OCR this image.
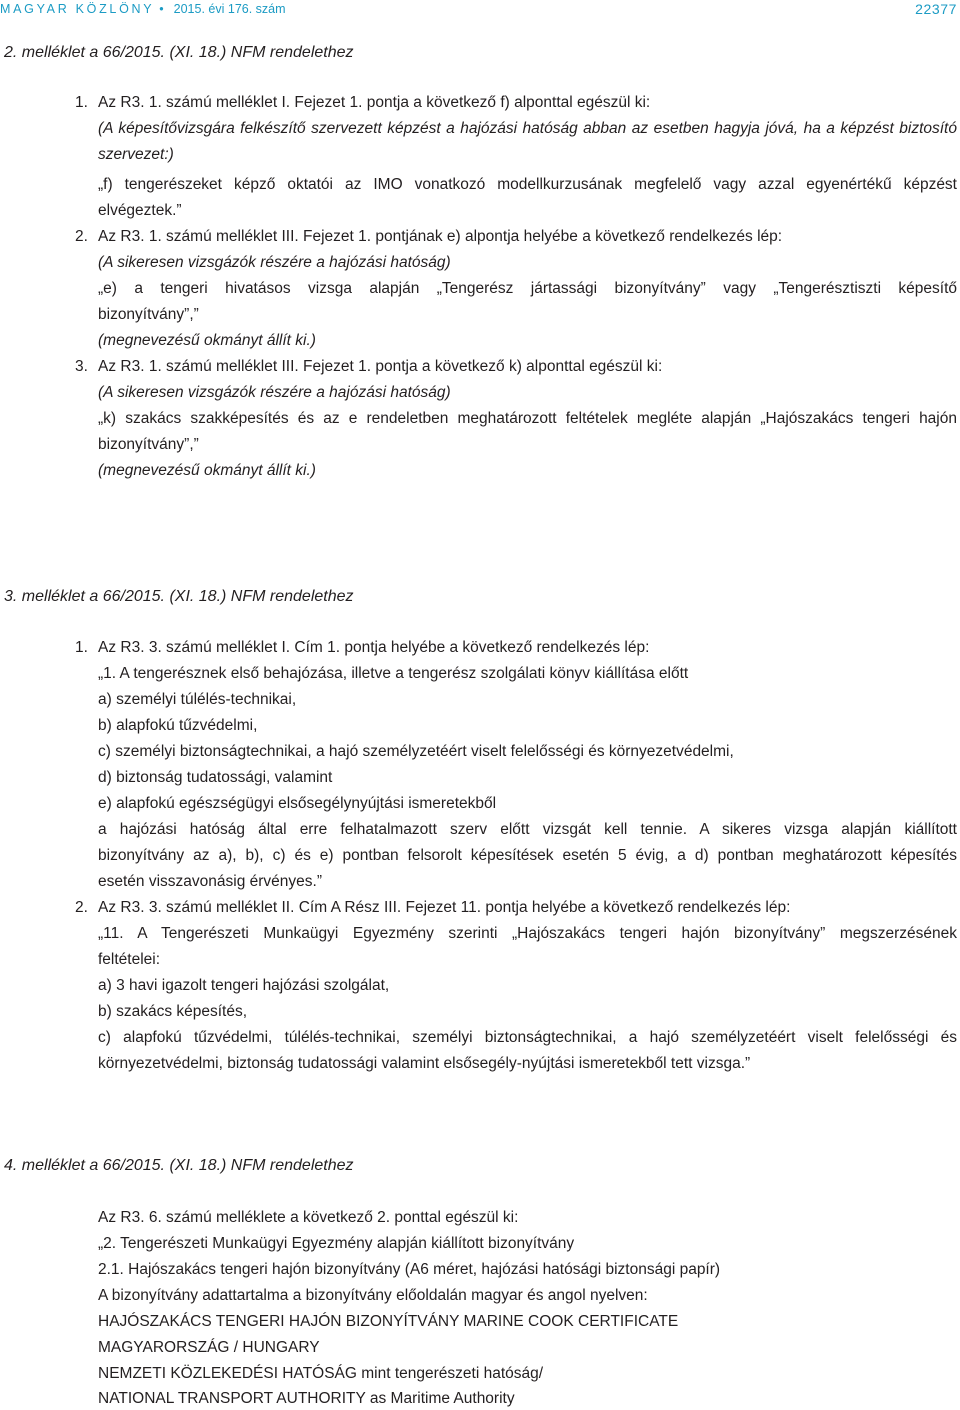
MAGYAR KÖZLÖNY • 2015. évi 176. szám	22377
2. melléklet a 66/2015. (XI. 18.) NFM rendelethez
1. Az R3. 1. számú melléklet I. Fejezet 1. pontja a következő f) alponttal egészül ki:
(A képesítővizsgára felkészítő szervezett képzést a hajózási hatóság abban az esetben hagyja jóvá, ha a képzést biztosító
szervezet:)
„f) tengerészeket képző oktatói az IMO vonatkozó modellkurzusának megfelelő vagy azzal egyenértékű képzést
elvégeztek.”
2. Az R3. 1. számú melléklet III. Fejezet 1. pontjának e) alpontja helyébe a következő rendelkezés lép:
(A sikeresen vizsgázók részére a hajózási hatóság)
„e) a tengeri hivatásos vizsga alapján „Tengerész jártassági bizonyítvány” vagy „Tengerésztiszti képesítő
bizonyítvány”,”
(megnevezésű okmányt állít ki.)
3. Az R3. 1. számú melléklet III. Fejezet 1. pontja a következő k) alponttal egészül ki:
(A sikeresen vizsgázók részére a hajózási hatóság)
„k) szakács szakképesítés és az e rendeletben meghatározott feltételek megléte alapján „Hajószakács tengeri hajón
bizonyítvány”,”
(megnevezésű okmányt állít ki.)
3. melléklet a 66/2015. (XI. 18.) NFM rendelethez
1. Az R3. 3. számú melléklet I. Cím 1. pontja helyébe a következő rendelkezés lép:
„1. A tengerésznek első behajózása, illetve a tengerész szolgálati könyv kiállítása előtt
a) személyi túlélés-technikai,
b) alapfokú tűzvédelmi,
c) személyi biztonságtechnikai, a hajó személyzetéért viselt felelősségi és környezetvédelmi,
d) biztonság tudatossági, valamint
e) alapfokú egészségügyi elsősegélynyújtási ismeretekből
a hajózási hatóság által erre felhatalmazott szerv előtt vizsgát kell tennie. A sikeres vizsga alapján kiállított
bizonyítvány az a), b), c) és e) pontban felsorolt képesítések esetén 5 évig, a d) pontban meghatározott képesítés
esetén visszavonásig érvényes.”
2. Az R3. 3. számú melléklet II. Cím A Rész III. Fejezet 11. pontja helyébe a következő rendelkezés lép:
„11. A Tengerészeti Munkaügyi Egyezmény szerinti „Hajószakács tengeri hajón bizonyítvány” megszerzésének
feltételei:
a) 3 havi igazolt tengeri hajózási szolgálat,
b) szakács képesítés,
c) alapfokú tűzvédelmi, túlélés-technikai, személyi biztonságtechnikai, a hajó személyzetéért viselt felelősségi és
környezetvédelmi, biztonság tudatossági valamint elsősegély-nyújtási ismeretekből tett vizsga.”
4. melléklet a 66/2015. (XI. 18.) NFM rendelethez
Az R3. 6. számú melléklete a következő 2. ponttal egészül ki:
„2. Tengerészeti Munkaügyi Egyezmény alapján kiállított bizonyítvány
2.1. Hajószakács tengeri hajón bizonyítvány (A6 méret, hajózási hatósági biztonsági papír)
A bizonyítvány adattartalma a bizonyítvány előoldalán magyar és angol nyelven:
HAJÓSZAKÁCS TENGERI HAJÓN BIZONYÍTVÁNY MARINE COOK CERTIFICATE
MAGYARORSZÁG / HUNGARY
NEMZETI KÖZLEKEDÉSI HATÓSÁG mint tengerészeti hatóság/
NATIONAL TRANSPORT AUTHORITY as Maritime Authority
